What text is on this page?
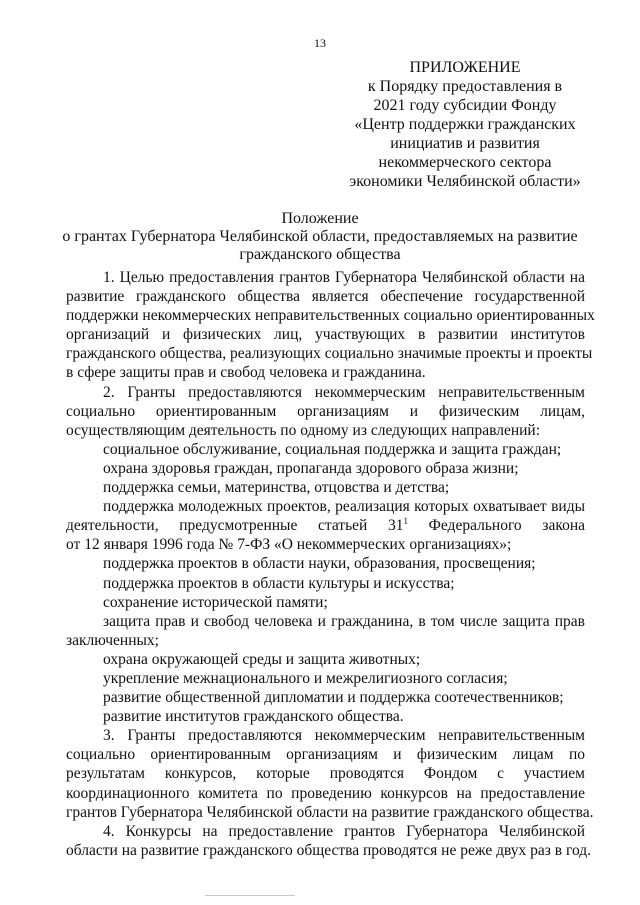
13
ПРИЛОЖЕНИЕ
к Порядку предоставления в
2021 году субсидии Фонду
«Центр поддержки гражданских
инициатив и развития
некоммерческого сектора
экономики Челябинской области»
Положение
о грантах Губернатора Челябинской области, предоставляемых на развитие
гражданского общества
1. Целью предоставления грантов Губернатора Челябинской области на
развитие гражданского общества является обеспечение государственной
поддержки некоммерческих неправительственных социально ориентированных
организаций и физических лиц, участвующих в развитии институтов
гражданского общества, реализующих социально значимые проекты и проекты
в сфере защиты прав и свобод человека и гражданина.
2. Гранты предоставляются некоммерческим неправительственным
социально ориентированным организациям и физическим лицам,
осуществляющим деятельность по одному из следующих направлений:
социальное обслуживание, социальная поддержка и защита граждан;
охрана здоровья граждан, пропаганда здорового образа жизни;
поддержка семьи, материнства, отцовства и детства;
поддержка молодежных проектов, реализация которых охватывает виды
деятельности, предусмотренные статьей $31^1$ Федерального закона
от 12 января 1996 года № 7-ФЗ «О некоммерческих организациях»;
поддержка проектов в области науки, образования, просвещения;
поддержка проектов в области культуры и искусства;
сохранение исторической памяти;
защита прав и свобод человека и гражданина, в том числе защита прав
заключенных;
охрана окружающей среды и защита животных;
укрепление межнационального и межрелигиозного согласия;
развитие общественной дипломатии и поддержка соотечественников;
развитие институтов гражданского общества.
3. Гранты предоставляются некоммерческим неправительственным
социально ориентированным организациям и физическим лицам по
результатам конкурсов, которые проводятся Фондом с участием
координационного комитета по проведению конкурсов на предоставление
грантов Губернатора Челябинской области на развитие гражданского общества.
4. Конкурсы на предоставление грантов Губернатора Челябинской
области на развитие гражданского общества проводятся не реже двух раз в год.
